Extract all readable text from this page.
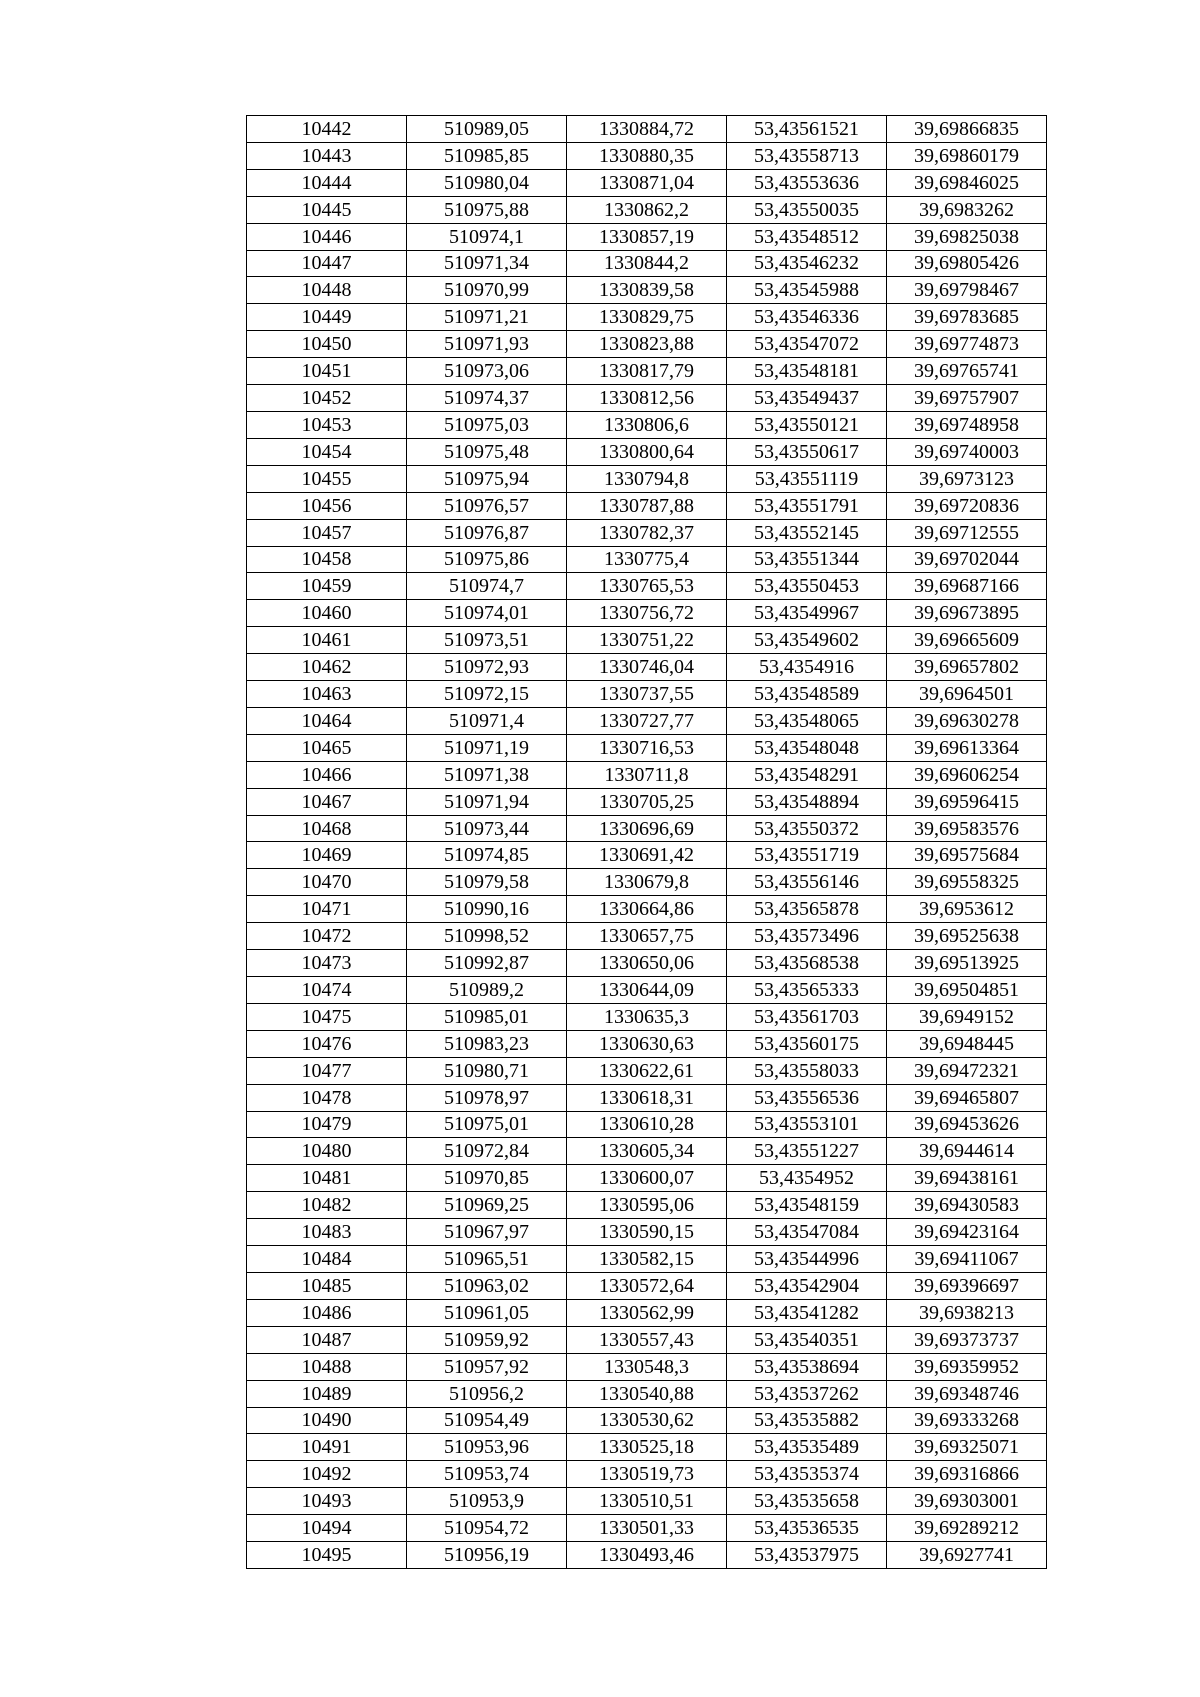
10442	510989,05	1330884,72	53,43561521	39,69866835
10443	510985,85	1330880,35	53,43558713	39,69860179
10444	510980,04	1330871,04	53,43553636	39,69846025
10445	510975,88	1330862,2	53,43550035	39,6983262
10446	510974,1	1330857,19	53,43548512	39,69825038
10447	510971,34	1330844,2	53,43546232	39,69805426
10448	510970,99	1330839,58	53,43545988	39,69798467
10449	510971,21	1330829,75	53,43546336	39,69783685
10450	510971,93	1330823,88	53,43547072	39,69774873
10451	510973,06	1330817,79	53,43548181	39,69765741
10452	510974,37	1330812,56	53,43549437	39,69757907
10453	510975,03	1330806,6	53,43550121	39,69748958
10454	510975,48	1330800,64	53,43550617	39,69740003
10455	510975,94	1330794,8	53,43551119	39,6973123
10456	510976,57	1330787,88	53,43551791	39,69720836
10457	510976,87	1330782,37	53,43552145	39,69712555
10458	510975,86	1330775,4	53,43551344	39,69702044
10459	510974,7	1330765,53	53,43550453	39,69687166
10460	510974,01	1330756,72	53,43549967	39,69673895
10461	510973,51	1330751,22	53,43549602	39,69665609
10462	510972,93	1330746,04	53,4354916	39,69657802
10463	510972,15	1330737,55	53,43548589	39,6964501
10464	510971,4	1330727,77	53,43548065	39,69630278
10465	510971,19	1330716,53	53,43548048	39,69613364
10466	510971,38	1330711,8	53,43548291	39,69606254
10467	510971,94	1330705,25	53,43548894	39,69596415
10468	510973,44	1330696,69	53,43550372	39,69583576
10469	510974,85	1330691,42	53,43551719	39,69575684
10470	510979,58	1330679,8	53,43556146	39,69558325
10471	510990,16	1330664,86	53,43565878	39,6953612
10472	510998,52	1330657,75	53,43573496	39,69525638
10473	510992,87	1330650,06	53,43568538	39,69513925
10474	510989,2	1330644,09	53,43565333	39,69504851
10475	510985,01	1330635,3	53,43561703	39,6949152
10476	510983,23	1330630,63	53,43560175	39,6948445
10477	510980,71	1330622,61	53,43558033	39,69472321
10478	510978,97	1330618,31	53,43556536	39,69465807
10479	510975,01	1330610,28	53,43553101	39,69453626
10480	510972,84	1330605,34	53,43551227	39,6944614
10481	510970,85	1330600,07	53,4354952	39,69438161
10482	510969,25	1330595,06	53,43548159	39,69430583
10483	510967,97	1330590,15	53,43547084	39,69423164
10484	510965,51	1330582,15	53,43544996	39,69411067
10485	510963,02	1330572,64	53,43542904	39,69396697
10486	510961,05	1330562,99	53,43541282	39,6938213
10487	510959,92	1330557,43	53,43540351	39,69373737
10488	510957,92	1330548,3	53,43538694	39,69359952
10489	510956,2	1330540,88	53,43537262	39,69348746
10490	510954,49	1330530,62	53,43535882	39,69333268
10491	510953,96	1330525,18	53,43535489	39,69325071
10492	510953,74	1330519,73	53,43535374	39,69316866
10493	510953,9	1330510,51	53,43535658	39,69303001
10494	510954,72	1330501,33	53,43536535	39,69289212
10495	510956,19	1330493,46	53,43537975	39,6927741
